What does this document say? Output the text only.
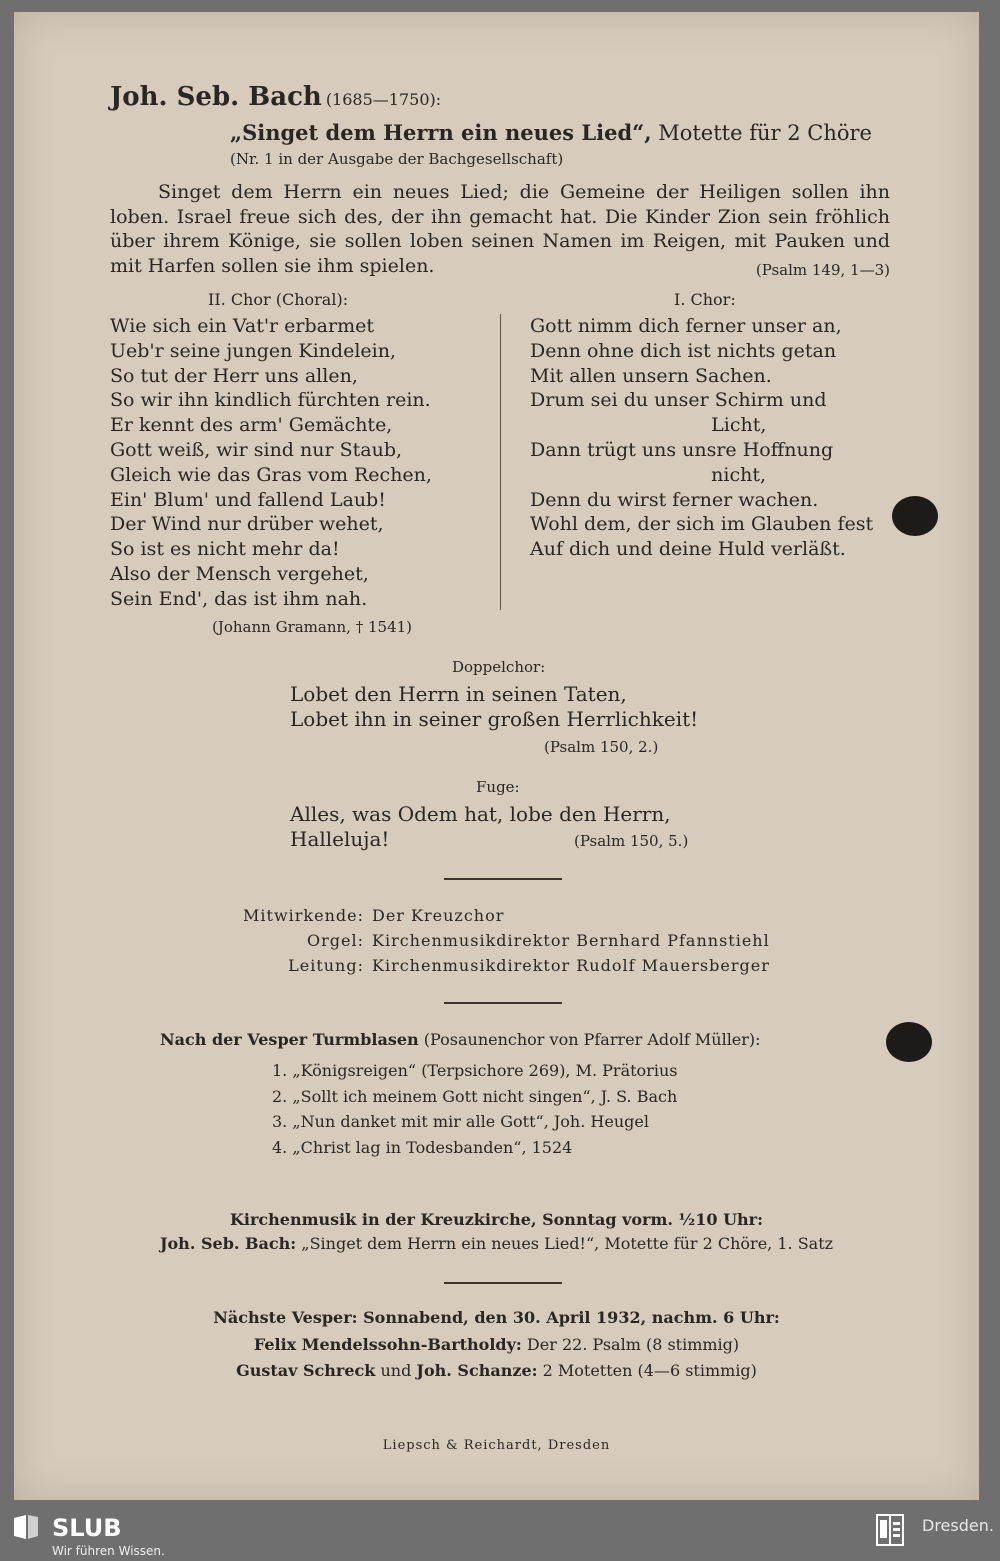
Joh. Seb. Bach (1685—1750):
„Singet dem Herrn ein neues Lied“, Motette für 2 Chöre
(Nr. 1 in der Ausgabe der Bachgesellschaft)

Singet dem Herrn ein neues Lied; die Gemeine der Heiligen sollen ihn loben. Israel freue sich des, der ihn gemacht hat. Die Kinder Zion sein fröhlich über ihrem Könige, sie sollen loben seinen Namen im Reigen, mit Pauken und mit Harfen sollen sie ihm spielen.	(Psalm 149, 1—3)

II. Chor (Choral):
Wie sich ein Vat'r erbarmet
Ueb'r seine jungen Kindelein,
So tut der Herr uns allen,
So wir ihn kindlich fürchten rein.
Er kennt des arm' Gemächte,
Gott weiß, wir sind nur Staub,
Gleich wie das Gras vom Rechen,
Ein' Blum' und fallend Laub!
Der Wind nur drüber wehet,
So ist es nicht mehr da!
Also der Mensch vergehet,
Sein End', das ist ihm nah.
(Johann Gramann, † 1541)
I. Chor:
Gott nimm dich ferner unser an,
Denn ohne dich ist nichts getan
Mit allen unsern Sachen.
Drum sei du unser Schirm und
Licht,
Dann trügt uns unsre Hoffnung
nicht,
Denn du wirst ferner wachen.
Wohl dem, der sich im Glauben fest
Auf dich und deine Huld verläßt.
Doppelchor:
Lobet den Herrn in seinen Taten,
Lobet ihn in seiner großen Herrlichkeit!
(Psalm 150, 2.)
Fuge:
Alles, was Odem hat, lobe den Herrn,
Halleluja!	(Psalm 150, 5.)
Mitwirkende: Der Kreuzchor
Orgel: Kirchenmusikdirektor Bernhard Pfannstiehl
Leitung: Kirchenmusikdirektor Rudolf Mauersberger
Nach der Vesper Turmblasen (Posaunenchor von Pfarrer Adolf Müller):
1. „Königsreigen“ (Terpsichore 269), M. Prätorius
2. „Sollt ich meinem Gott nicht singen“, J. S. Bach
3. „Nun danket mit mir alle Gott“, Joh. Heugel
4. „Christ lag in Todesbanden“, 1524
Kirchenmusik in der Kreuzkirche, Sonntag vorm. ½10 Uhr:
Joh. Seb. Bach: „Singet dem Herrn ein neues Lied!“, Motette für 2 Chöre, 1. Satz
Nächste Vesper: Sonnabend, den 30. April 1932, nachm. 6 Uhr:
Felix Mendelssohn-Bartholdy: Der 22. Psalm (8 stimmig)
Gustav Schreck und Joh. Schanze: 2 Motetten (4—6 stimmig)
Liepsch & Reichardt, Dresden
SLUB
Wir führen Wissen.
Dresden.
